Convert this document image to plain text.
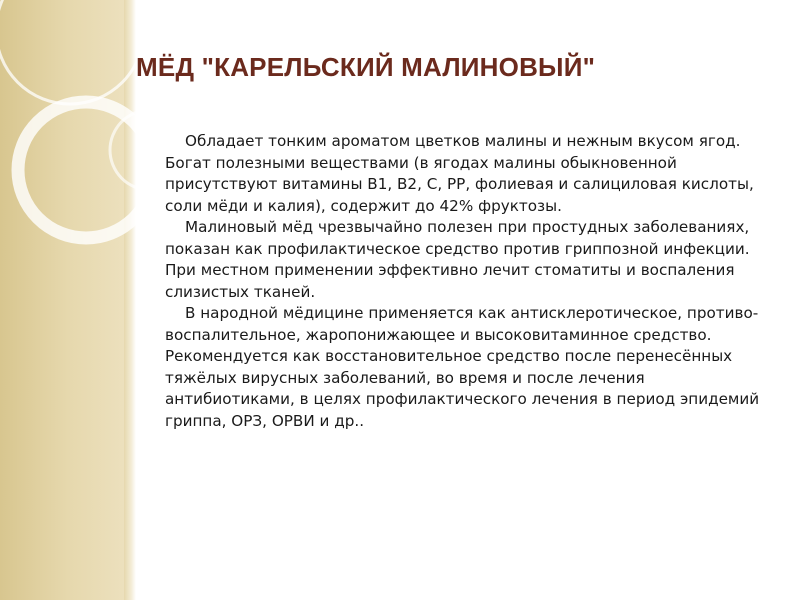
МЁД "КАРЕЛЬСКИЙ МАЛИНОВЫЙ"

Обладает тонким ароматом цветков малины и нежным вкусом ягод. Богат полезными веществами (в ягодах малины обыкновенной присутствуют витамины В1, В2, С, РР, фолиевая и салициловая кислоты, соли мёди и калия), содержит до 42% фруктозы.

Малиновый мёд чрезвычайно полезен при простудных заболеваниях, показан как профилактическое средство против гриппозной инфекции. При местном применении эффективно лечит стоматиты и воспаления слизистых тканей.

В народной мёдицине применяется как антисклеротическое, противо-воспалительное, жаропонижающее и высоковитаминное средство. Рекомендуется как восстановительное средство после перенесённых тяжёлых вирусных заболеваний, во время и после лечения антибиотиками, в целях профилактического лечения в период эпидемий гриппа, ОРЗ, ОРВИ и др..
